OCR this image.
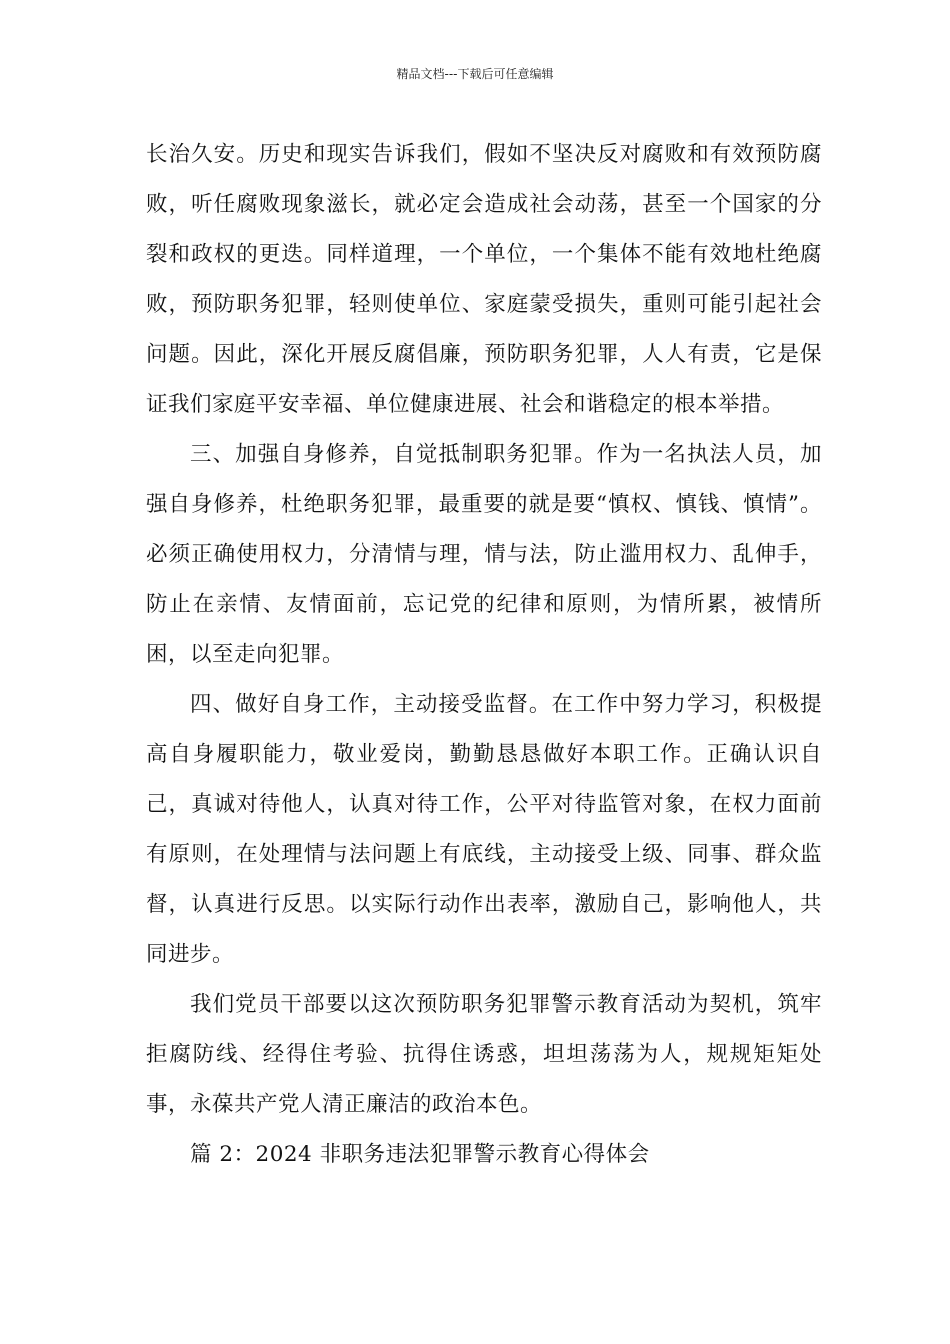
精品文档---下载后可任意编辑

长治久安。历史和现实告诉我们，假如不坚决反对腐败和有效预防腐败，听任腐败现象滋长，就必定会造成社会动荡，甚至一个国家的分裂和政权的更迭。同样道理，一个单位，一个集体不能有效地杜绝腐败，预防职务犯罪，轻则使单位、家庭蒙受损失，重则可能引起社会问题。因此，深化开展反腐倡廉，预防职务犯罪，人人有责，它是保证我们家庭平安幸福、单位健康进展、社会和谐稳定的根本举措。

三、加强自身修养，自觉抵制职务犯罪。作为一名执法人员，加强自身修养，杜绝职务犯罪，最重要的就是要“慎权、慎钱、慎情”。必须正确使用权力，分清情与理，情与法，防止滥用权力、乱伸手，防止在亲情、友情面前，忘记党的纪律和原则，为情所累，被情所困，以至走向犯罪。

四、做好自身工作，主动接受监督。在工作中努力学习，积极提高自身履职能力，敬业爱岗，勤勤恳恳做好本职工作。正确认识自己，真诚对待他人，认真对待工作，公平对待监管对象，在权力面前有原则，在处理情与法问题上有底线，主动接受上级、同事、群众监督，认真进行反思。以实际行动作出表率，激励自己，影响他人，共同进步。

我们党员干部要以这次预防职务犯罪警示教育活动为契机，筑牢拒腐防线、经得住考验、抗得住诱惑，坦坦荡荡为人，规规矩矩处事，永葆共产党人清正廉洁的政治本色。

篇 2：2024 非职务违法犯罪警示教育心得体会
